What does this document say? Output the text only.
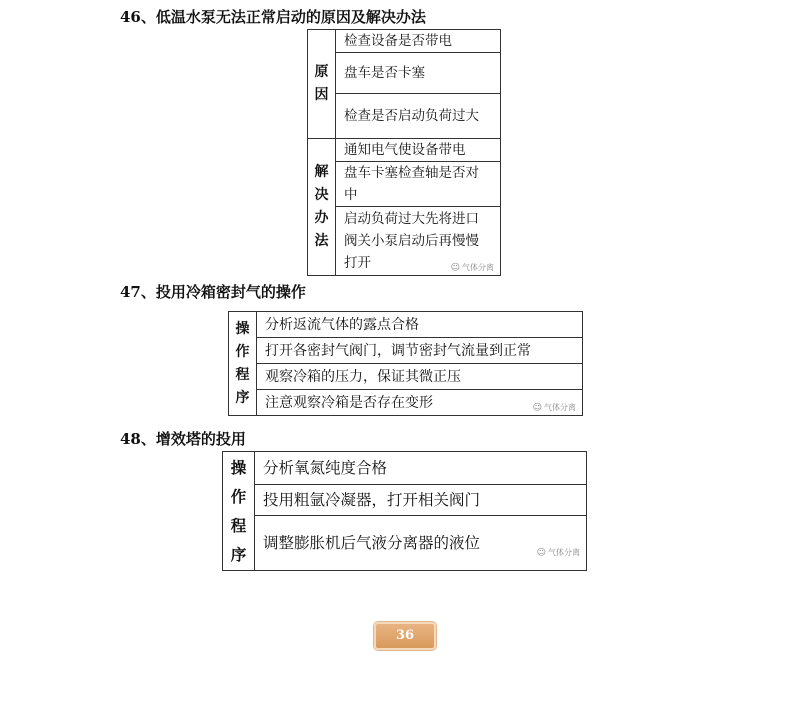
46、低温水泵无法正常启动的原因及解决办法
原
因	检查设备是否带电
	盘车是否卡塞
	检查是否启动负荷过大

解
决
办
法	通知电气使设备带电
	盘车卡塞检查轴是否对中
	启动负荷过大先将进口阀关小泵启动后再慢慢打开 ☺ 气体分离
47、投用冷箱密封气的操作
操
作
程
序
	分析返流气体的露点合格
打开各密封气阀门，调节密封气流量到正常
观察冷箱的压力，保证其微正压
注意观察冷箱是否存在变形	☺ 气体分离
48、增效塔的投用
操
作
程
序
	分析氧氮纯度合格
投用粗氩冷凝器，打开相关阀门
调整膨胀机后气液分离器的液位
☺ 气体分离
36
